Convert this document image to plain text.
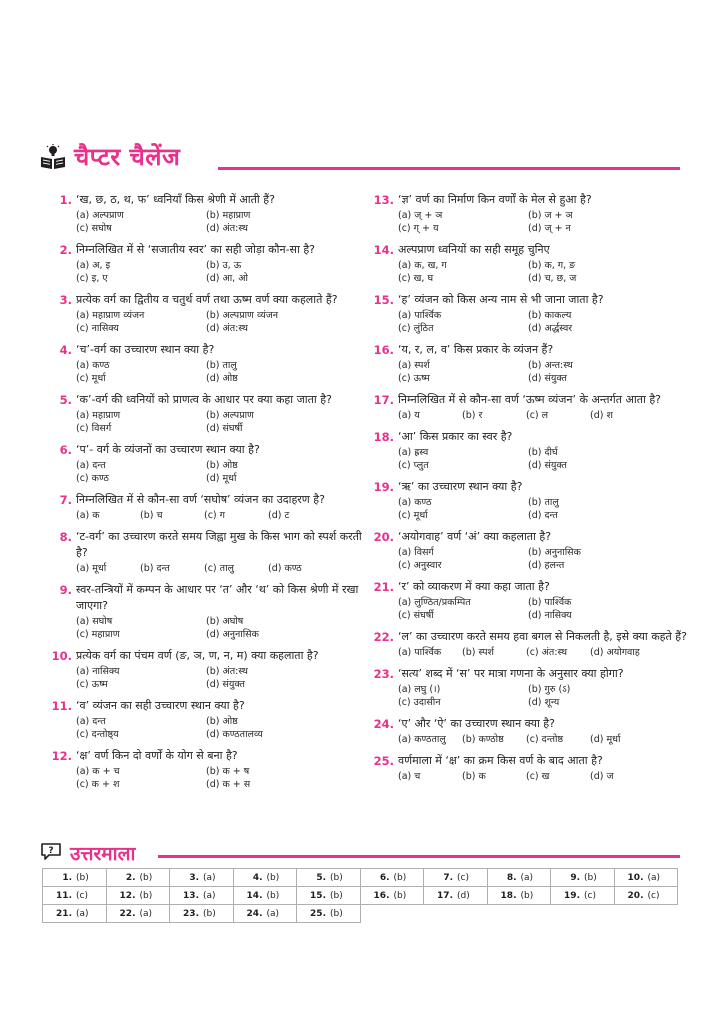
चैप्टर चैलेंज
1. ‘ख, छ, ठ, थ, फ’ ध्वनियाँ किस श्रेणी में आती हैं?
(a) अल्पप्राण	(b) महाप्राण
(c) सघोष	(d) अंत:स्थ
2. निम्नलिखित में से ‘सजातीय स्वर’ का सही जोड़ा कौन-सा है?
(a) अ, इ	(b) उ, ऊ
(c) इ, ए	(d) आ, ओ
3. प्रत्येक वर्ग का द्वितीय व चतुर्थ वर्ण तथा ऊष्म वर्ण क्या कहलाते हैं?
(a) महाप्राण व्यंजन	(b) अल्पप्राण व्यंजन
(c) नासिक्य	(d) अंत:स्थ
4. ‘च’-वर्ग का उच्चारण स्थान क्या है?
(a) कण्ठ	(b) तालु
(c) मूर्धा	(d) ओष्ठ
5. ‘क’-वर्ग की ध्वनियों को प्राणत्व के आधार पर क्या कहा जाता है?
(a) महाप्राण	(b) अल्पप्राण
(c) विसर्ग	(d) संघर्षी
6. ‘प’- वर्ग के व्यंजनों का उच्चारण स्थान क्या है?
(a) दन्त	(b) ओष्ठ
(c) कण्ठ	(d) मूर्धा
7. निम्नलिखित में से कौन-सा वर्ण ‘सघोष’ व्यंजन का उदाहरण है?
(a) क	(b) च	(c) ग	(d) ट
8. ‘ट-वर्ग’ का उच्चारण करते समय जिह्वा मुख के किस भाग को स्पर्श करती है?
(a) मूर्धा	(b) दन्त	(c) तालु	(d) कण्ठ
9. स्वर-तन्त्रियों में कम्पन के आधार पर ‘त’ और ‘थ’ को किस श्रेणी में रखा जाएगा?
(a) सघोष	(b) अघोष
(c) महाप्राण	(d) अनुनासिक
10. प्रत्येक वर्ग का पंचम वर्ण (ङ, ञ, ण, न, म) क्या कहलाता है?
(a) नासिक्य	(b) अंत:स्थ
(c) ऊष्म	(d) संयुक्त
11. ‘व’ व्यंजन का सही उच्चारण स्थान क्या है?
(a) दन्त	(b) ओष्ठ
(c) दन्तोष्ठ्य	(d) कण्ठतालव्य
12. ‘क्ष’ वर्ण किन दो वर्णों के योग से बना है?
(a) क + च	(b) क + ष
(c) क + श	(d) क + स
13. ‘ज्ञ’ वर्ण का निर्माण किन वर्णों के मेल से हुआ है?
(a) ज् + ञ	(b) ज + ञ
(c) ग् + य	(d) ज् + न
14. अल्पप्राण ध्वनियों का सही समूह चुनिए
(a) क, ख, ग	(b) क, ग, ङ
(c) ख, घ	(d) च, छ, ज
15. ‘ह’ व्यंजन को किस अन्य नाम से भी जाना जाता है?
(a) पार्श्विक	(b) काकल्य
(c) लुंठित	(d) अर्द्धस्वर
16. ‘य, र, ल, व’ किस प्रकार के व्यंजन हैं?
(a) स्पर्श	(b) अन्त:स्थ
(c) ऊष्म	(d) संयुक्त
17. निम्नलिखित में से कौन-सा वर्ण ‘ऊष्म व्यंजन’ के अन्तर्गत आता है?
(a) य	(b) र	(c) ल	(d) श
18. ‘आ’ किस प्रकार का स्वर है?
(a) ह्रस्व	(b) दीर्घ
(c) प्लुत	(d) संयुक्त
19. ‘ऋ’ का उच्चारण स्थान क्या है?
(a) कण्ठ	(b) तालु
(c) मूर्धा	(d) दन्त
20. ‘अयोगवाह’ वर्ण ‘अं’ क्या कहलाता है?
(a) विसर्ग	(b) अनुनासिक
(c) अनुस्वार	(d) हलन्त
21. ‘र’ को व्याकरण में क्या कहा जाता है?
(a) लुण्ठित/प्रकम्पित	(b) पार्श्विक
(c) संघर्षी	(d) नासिक्य
22. ‘ल’ का उच्चारण करते समय हवा बगल से निकलती है, इसे क्या कहते हैं?
(a) पार्श्विक	(b) स्पर्श	(c) अंत:स्थ	(d) अयोगवाह
23. ‘सत्य’ शब्द में ‘स’ पर मात्रा गणना के अनुसार क्या होगा?
(a) लघु (।)	(b) गुरु (ऽ)
(c) उदासीन	(d) शून्य
24. ‘ए’ और ‘ऐ’ का उच्चारण स्थान क्या है?
(a) कण्ठतालु	(b) कण्ठोष्ठ	(c) दन्तोष्ठ	(d) मूर्धा
25. वर्णमाला में ‘क्ष’ का क्रम किस वर्ण के बाद आता है?
(a) च	(b) क	(c) ख	(d) ज
? उत्तरमाला
1. (b)	2. (b)	3. (a)	4. (b)	5. (b)	6. (b)	7. (c)	8. (a)	9. (b)	10. (a)
11. (c)	12. (b)	13. (a)	14. (b)	15. (b)	16. (b)	17. (d)	18. (b)	19. (c)	20. (c)
21. (a)	22. (a)	23. (b)	24. (a)	25. (b)					
